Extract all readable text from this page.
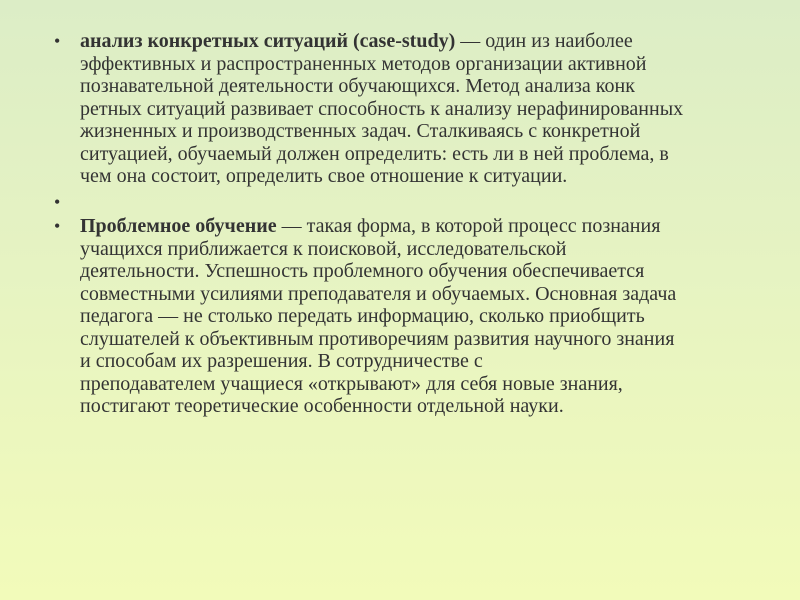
• анализ конкретных ситуаций (case-study) — один из наиболее
эффективных и распространенных методов организации активной
познавательной деятельности обучающихся. Метод анализа конк
ретных ситуаций развивает способность к анализу нерафинированных
жизненных и производственных задач. Сталкиваясь с конкретной
ситуацией, обучаемый должен определить: есть ли в ней проблема, в
чем она состоит, определить свое отношение к ситуации.
•
• Проблемное обучение — такая форма, в которой процесс познания
учащихся приближается к поисковой, исследовательской
деятельности. Успешность проблемного обучения обеспечивается
совместными усилиями преподавателя и обучаемых. Основная задача
педагога — не столько передать информацию, сколько приобщить
слушателей к объективным противоречиям развития научного знания
и способам их разрешения. В сотрудничестве с
преподавателем учащиеся «открывают» для себя новые знания,
постигают теоретические особенности отдельной науки.
